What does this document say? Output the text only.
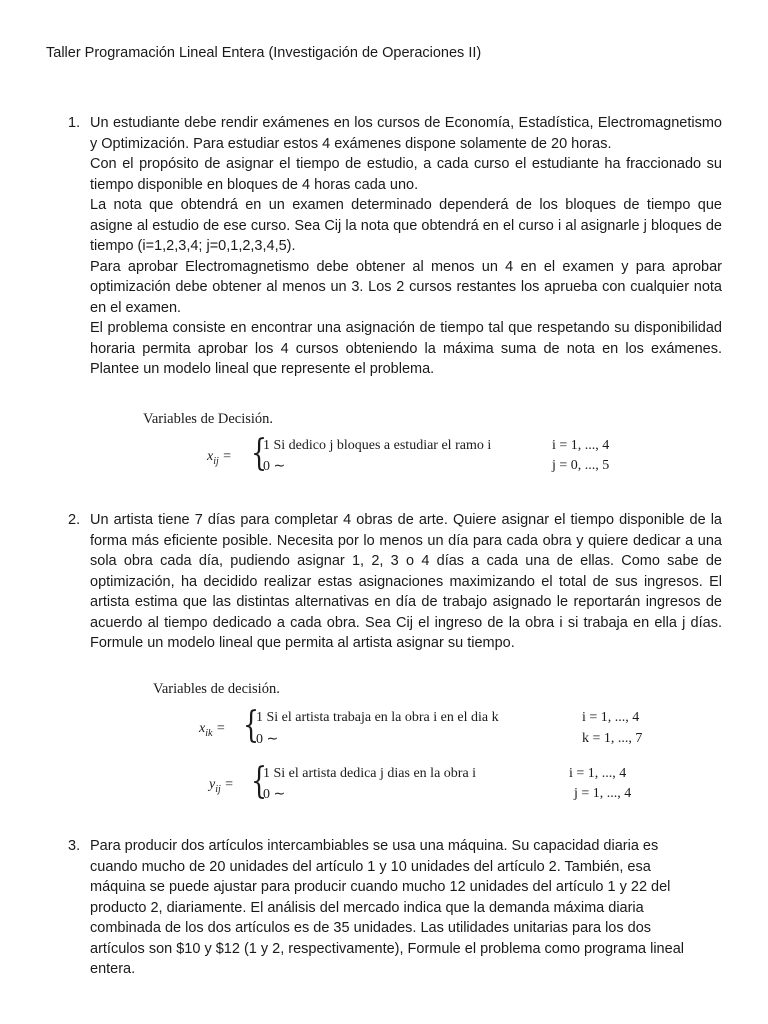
Taller Programación Lineal Entera (Investigación de Operaciones II)
1. Un estudiante debe rendir exámenes en los cursos de Economía, Estadística, Electromagnetismo y Optimización. Para estudiar estos 4 exámenes dispone solamente de 20 horas.

Con el propósito de asignar el tiempo de estudio, a cada curso el estudiante ha fraccionado su tiempo disponible en bloques de 4 horas cada uno.

La nota que obtendrá en un examen determinado dependerá de los bloques de tiempo que asigne al estudio de ese curso. Sea Cij la nota que obtendrá en el curso i al asignarle j bloques de tiempo (i=1,2,3,4; j=0,1,2,3,4,5).

Para aprobar Electromagnetismo debe obtener al menos un 4 en el examen y para aprobar optimización debe obtener al menos un 3. Los 2 cursos restantes los aprueba con cualquier nota en el examen.

El problema consiste en encontrar una asignación de tiempo tal que respetando su disponibilidad horaria permita aprobar los 4 cursos obteniendo la máxima suma de nota en los exámenes. Plantee un modelo lineal que represente el problema.

Variables de Decisión.
$x_{ij}$ = {
1 Si dedico j bloques a estudiar el ramo i
0 ∼
i = 1, ..., 4
j = 0, ..., 5
2. Un artista tiene 7 días para completar 4 obras de arte. Quiere asignar el tiempo disponible de la forma más eficiente posible. Necesita por lo menos un día para cada obra y quiere dedicar a una sola obra cada día, pudiendo asignar 1, 2, 3 o 4 días a cada una de ellas. Como sabe de optimización, ha decidido realizar estas asignaciones maximizando el total de sus ingresos. El artista estima que las distintas alternativas en día de trabajo asignado le reportarán ingresos de acuerdo al tiempo dedicado a cada obra. Sea Cij el ingreso de la obra i si trabaja en ella j días. Formule un modelo lineal que permita al artista asignar su tiempo.

Variables de decisión.
$x_{ik}$ = {
1 Si el artista trabaja en la obra i en el dia k
0 ∼
i = 1, ..., 4
k = 1, ..., 7
$y_{ij}$ = {
1 Si el artista dedica j dias en la obra i
0 ∼
i = 1, ..., 4
j = 1, ..., 4
3. Para producir dos artículos intercambiables se usa una máquina. Su capacidad diaria es

cuando mucho de 20 unidades del artículo 1 y 10 unidades del artículo 2. También, esa

máquina se puede ajustar para producir cuando mucho 12 unidades del artículo 1 y 22 del

producto 2, diariamente. El análisis del mercado indica que la demanda máxima diaria

combinada de los dos artículos es de 35 unidades. Las utilidades unitarias para los dos

artículos son $10 y $12 (1 y 2, respectivamente), Formule el problema como programa lineal

entera.
